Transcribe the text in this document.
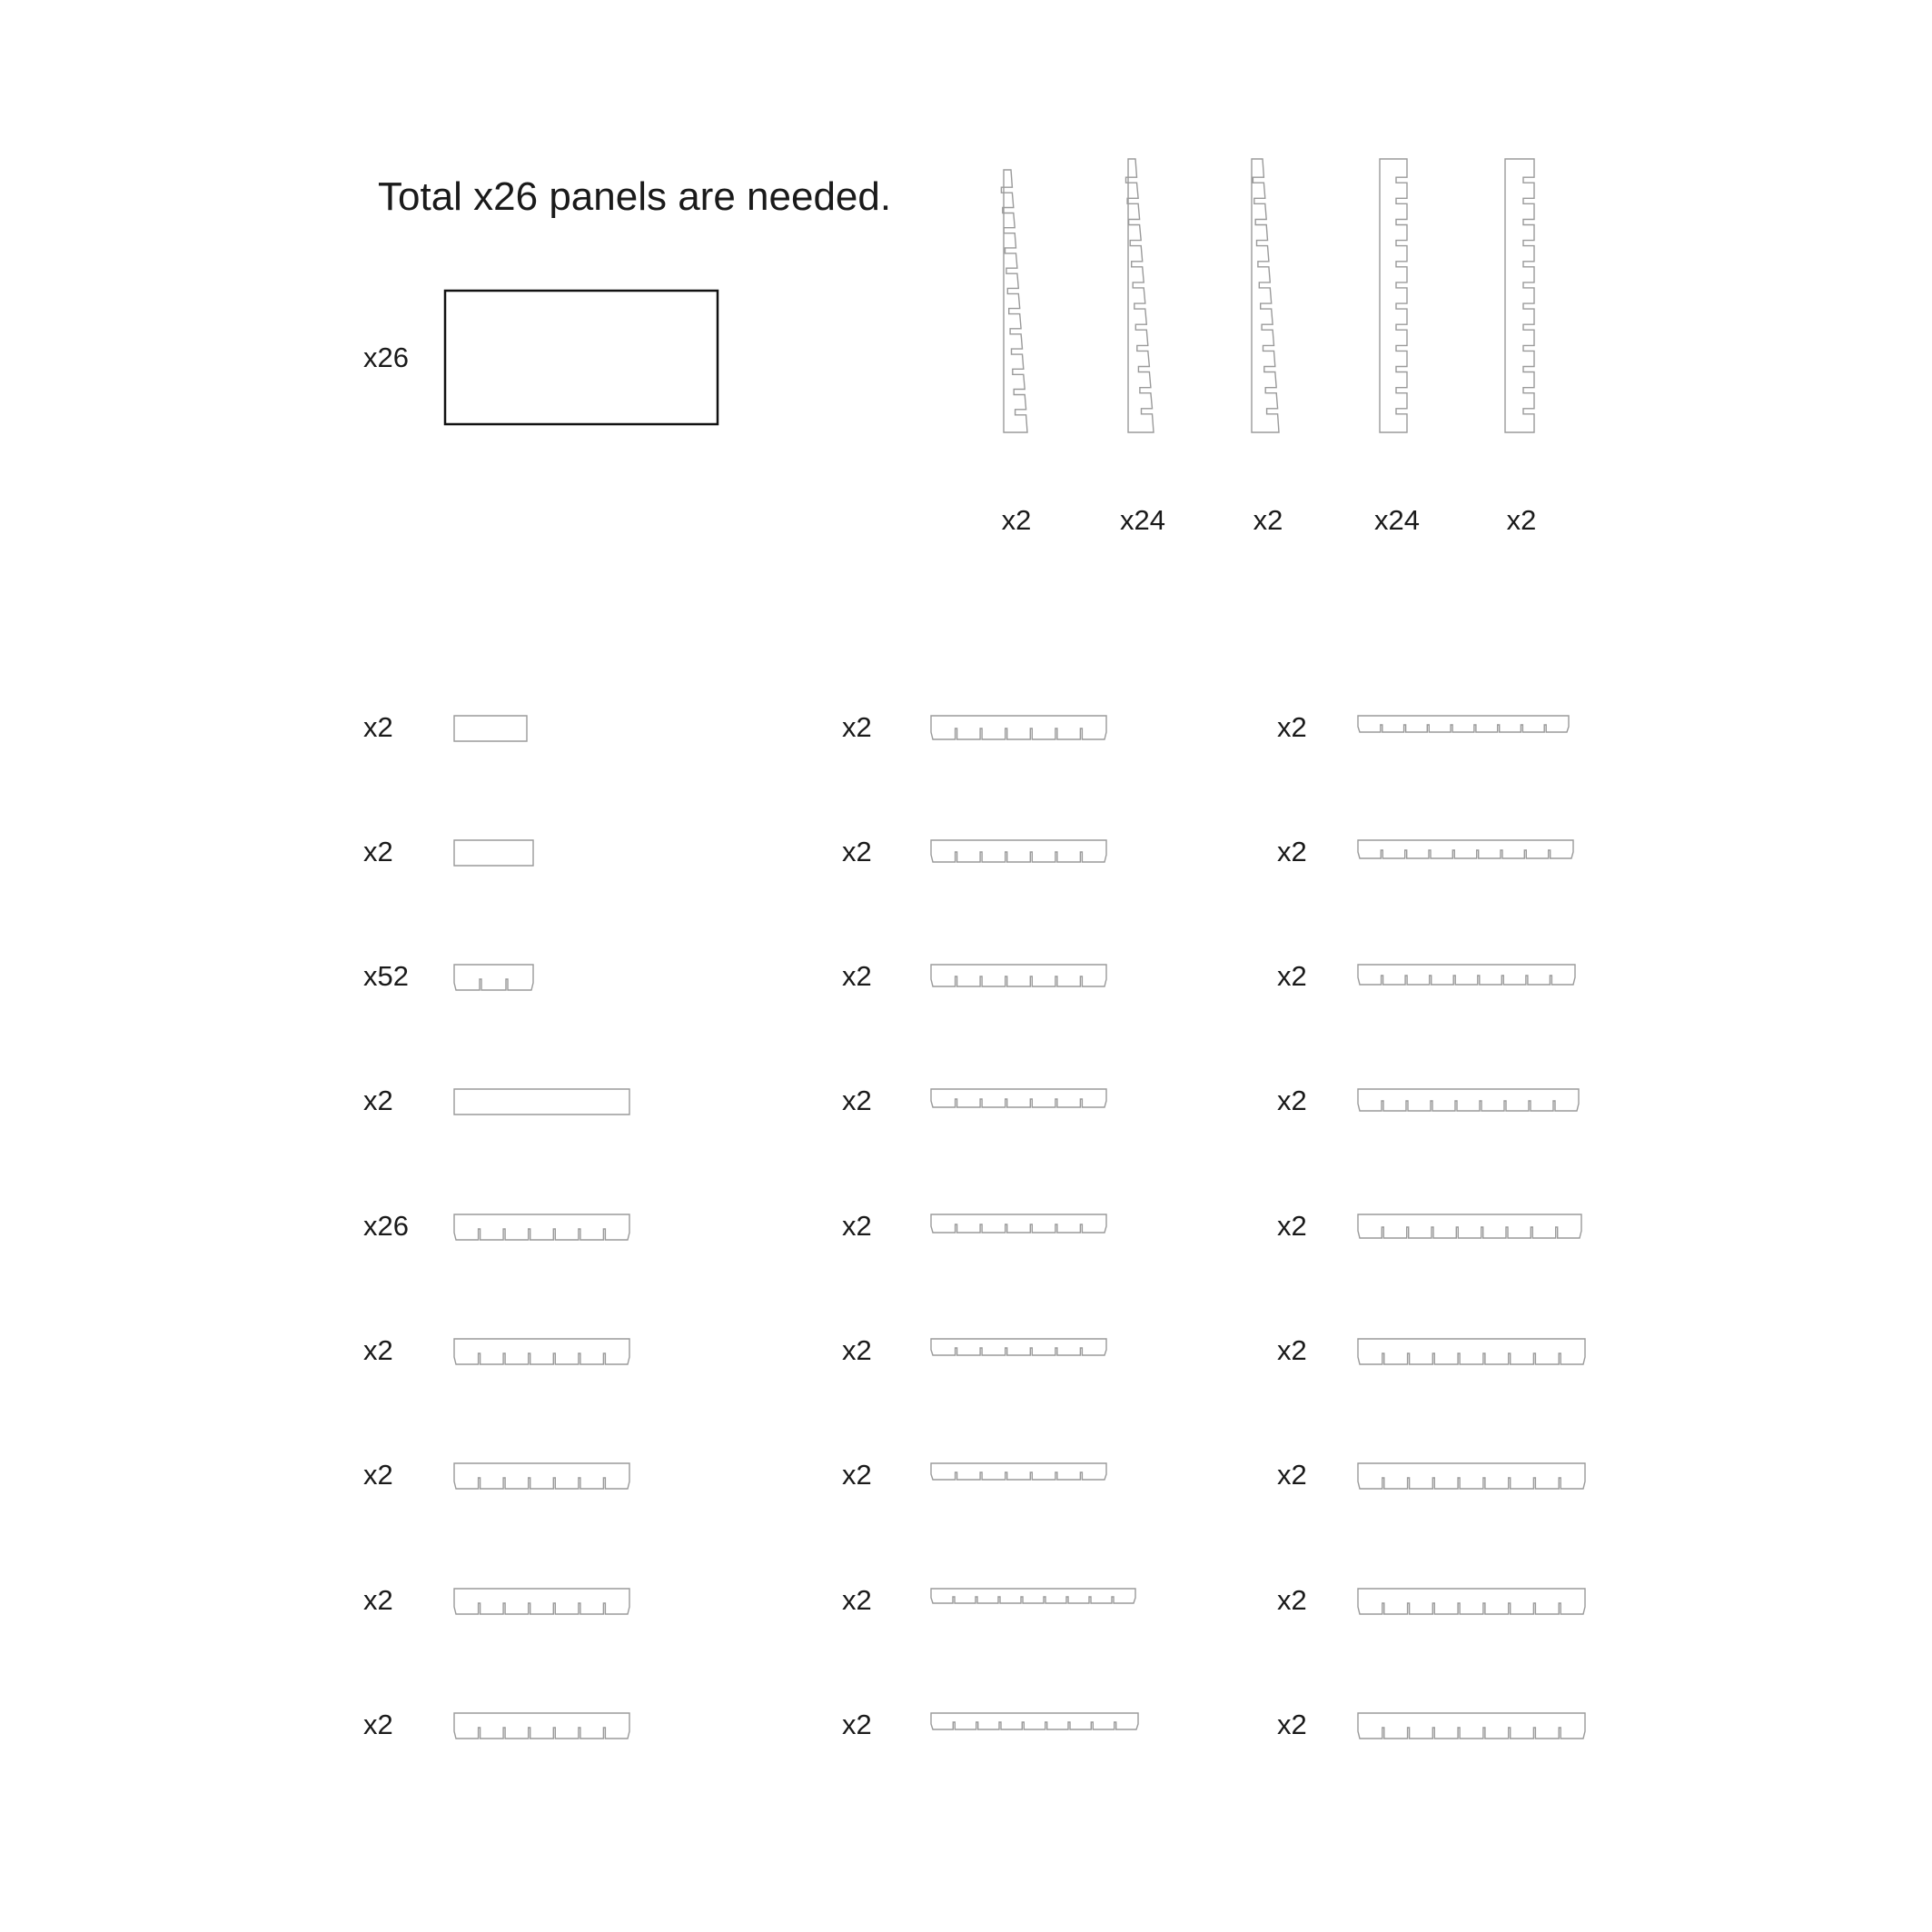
Total x26 panels are needed.
x26
x2	x24	x2	x24	x2
x2
x2
x52
x2
x26
x2
x2
x2
x2
x2
x2
x2
x2
x2
x2
x2
x2
x2
x2
x2
x2
x2
x2
x2
x2
x2
x2
